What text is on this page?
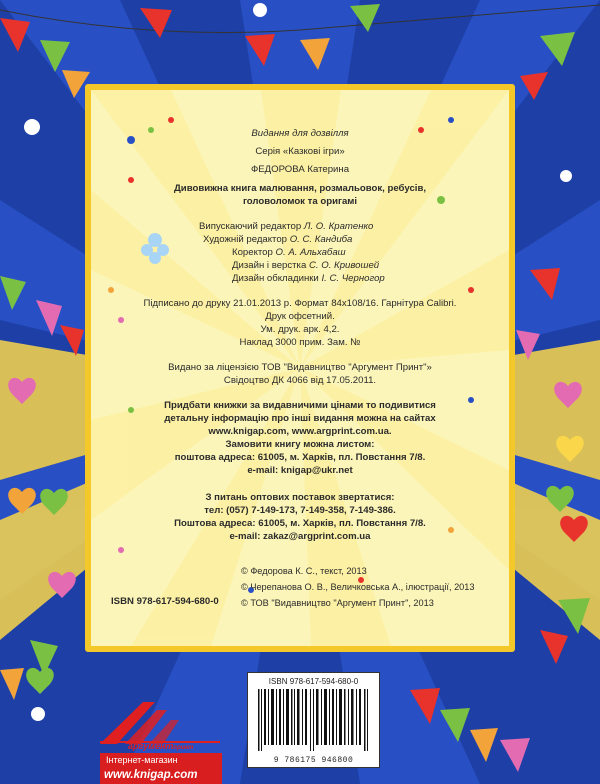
Видання для дозвілля
Серія «Казкові ігри»
ФЕДОРОВА Катерина
Дивовижна книга малювання, розмальовок, ребусів,
головоломок та оригамі
Випускаючий редактор Л. О. Кратенко
Художній редактор О. С. Кандиба
Коректор О. А. Альхабаш
Дизайн і верстка С. О. Кривошей
Дизайн обкладинки І. С. Черногор
Підписано до друку 21.01.2013 р. Формат 84х108/16. Гарнітура Calibri.
Друк офсетний.
Ум. друк. арк. 4,2.
Наклад 3000 прим. Зам. №
Видано за ліцензією ТОВ "Видавництво "Аргумент Принт"»
Свідоцтво ДК 4066 від 17.05.2011.
Придбати книжки за видавничими цінами то подивитися
детальну інформацію про інші видання можна на сайтах
www.knigap.com, www.argprint.com.ua.
Замовити книгу можна листом:
поштова адреса: 61005, м. Харків, пл. Повстання 7/8.
e-mail: knigap@ukr.net
З питань оптових поставок звертатися:
тел: (057) 7-149-173, 7-149-358, 7-149-386.
Поштова адреса: 61005, м. Харків, пл. Повстання 7/8.
e-mail: zakaz@argprint.com.ua
© Федорова К. С., текст, 2013
© Черепанова О. В., Величковська А., ілюстрації, 2013
© ТОВ "Видавництво "Аргумент Принт", 2013
ISBN 978-617-594-680-0
аргументпринт
Інтернет-магазин
www.knigap.com
ISBN 978-617-594-680-0
9 786175 946800
